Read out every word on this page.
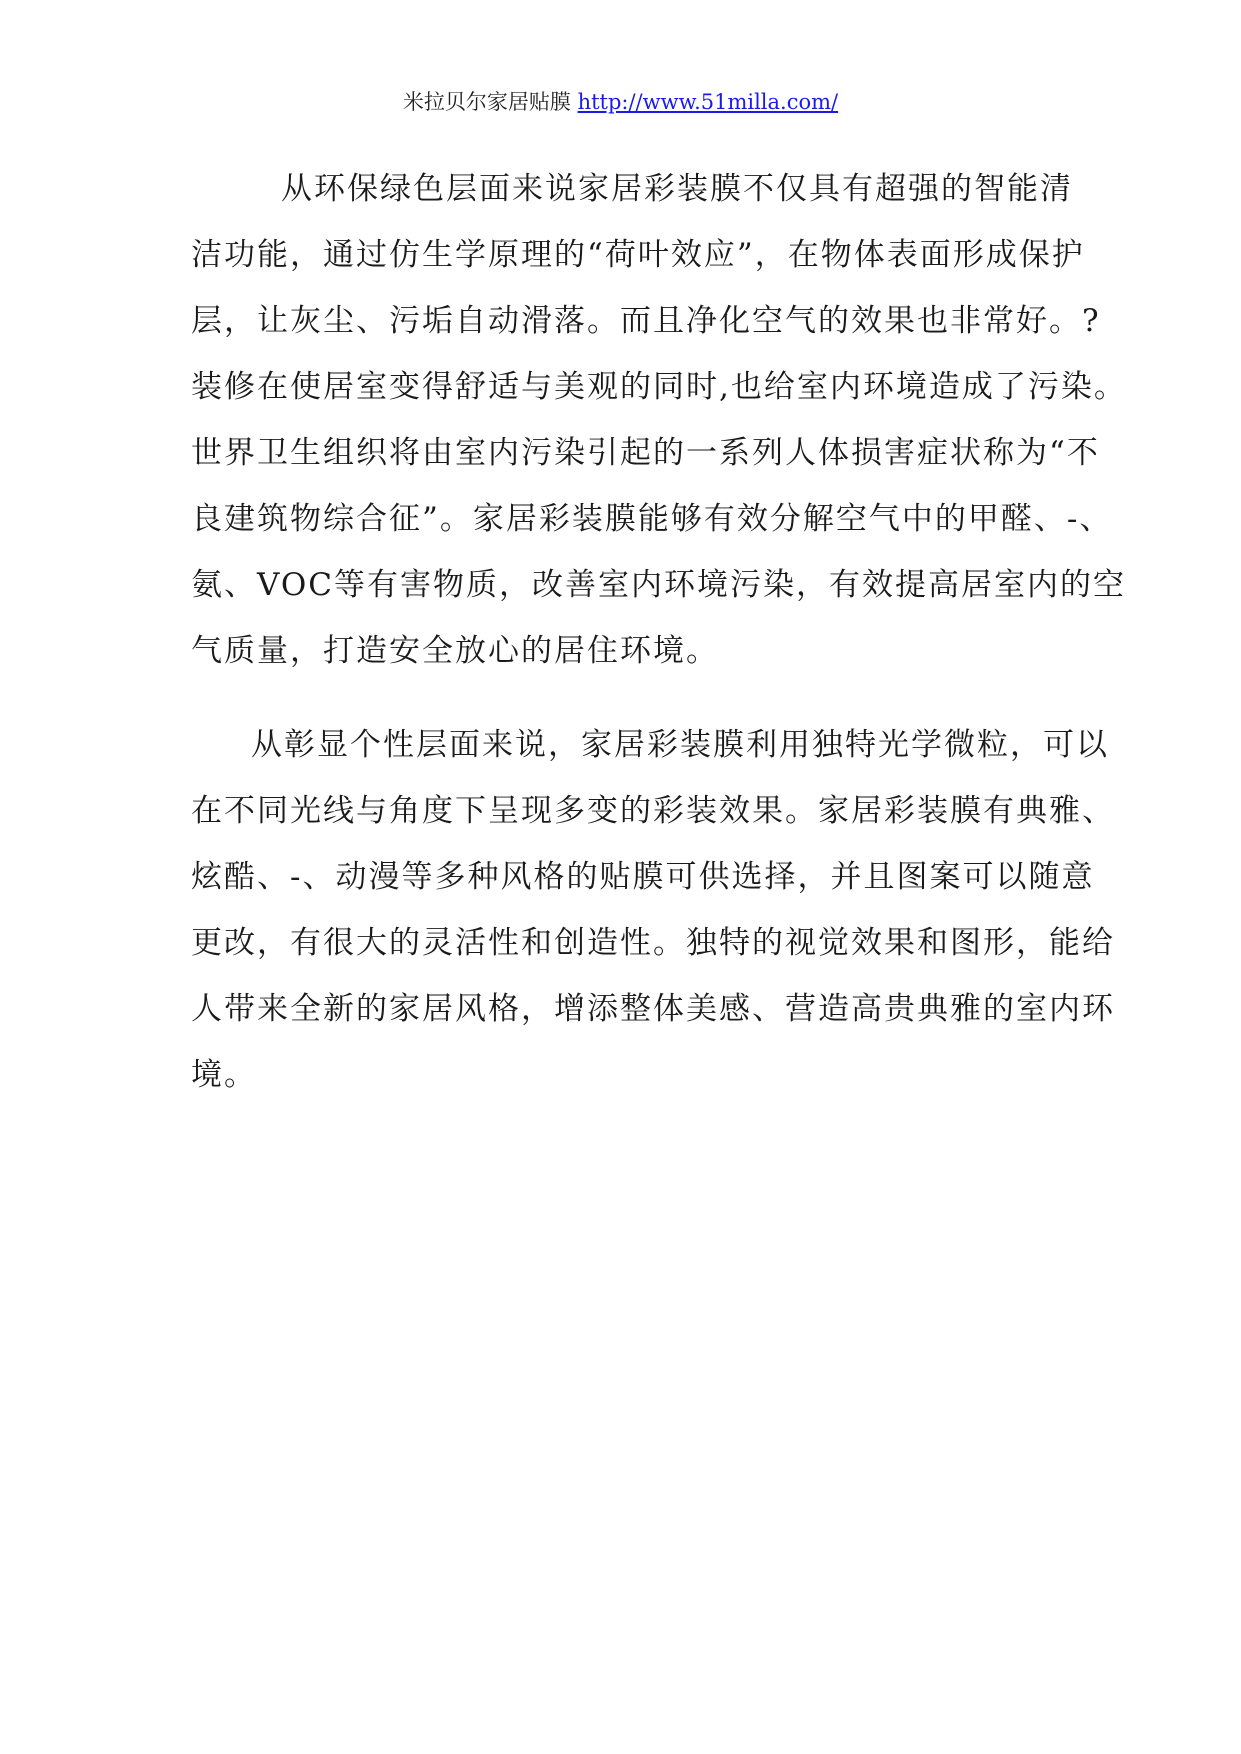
米拉贝尔家居贴膜 http://www.51milla.com/

从环保绿色层面来说家居彩装膜不仅具有超强的智能清
洁功能，通过仿生学原理的“荷叶效应”，在物体表面形成保护
层，让灰尘、污垢自动滑落。而且净化空气的效果也非常好。?
装修在使居室变得舒适与美观的同时,也给室内环境造成了污染。
世界卫生组织将由室内污染引起的一系列人体损害症状称为“不
良建筑物综合征”。家居彩装膜能够有效分解空气中的甲醛、-、
氨、VOC等有害物质，改善室内环境污染，有效提高居室内的空
气质量，打造安全放心的居住环境。

从彰显个性层面来说，家居彩装膜利用独特光学微粒，可以
在不同光线与角度下呈现多变的彩装效果。家居彩装膜有典雅、
炫酷、-、动漫等多种风格的贴膜可供选择，并且图案可以随意
更改，有很大的灵活性和创造性。独特的视觉效果和图形，能给
人带来全新的家居风格，增添整体美感、营造高贵典雅的室内环
境。
